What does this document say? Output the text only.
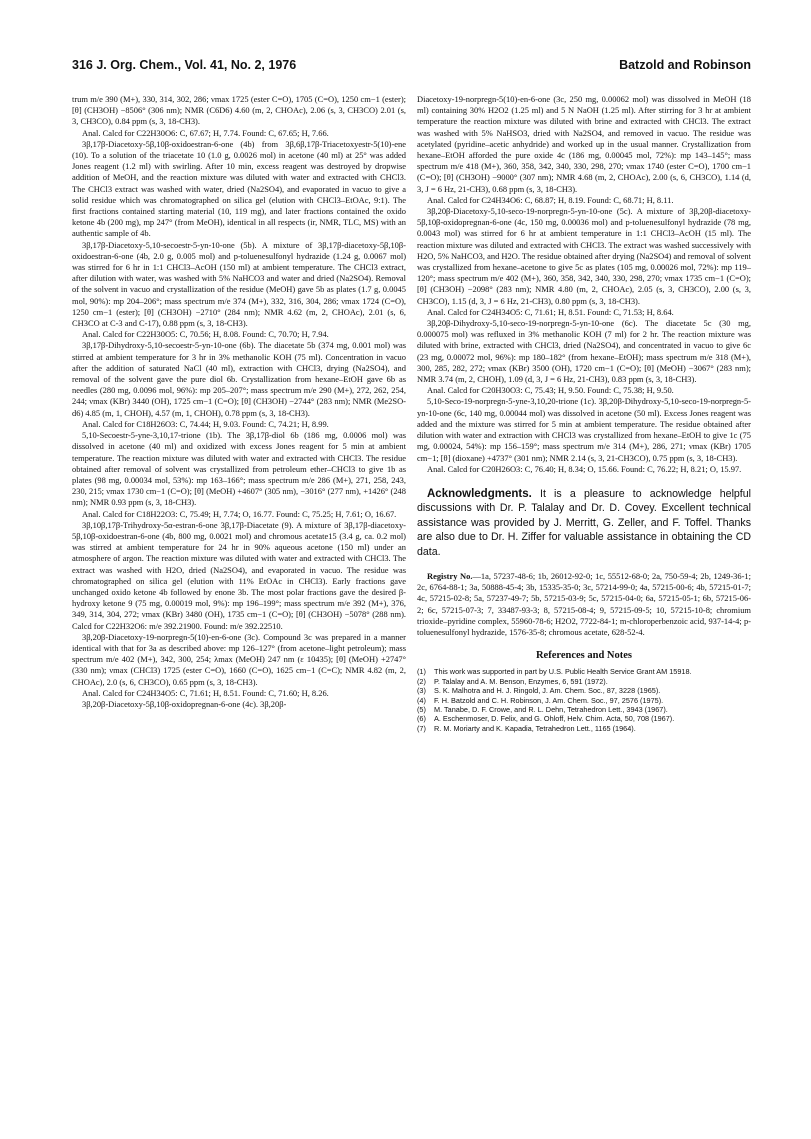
316 J. Org. Chem., Vol. 41, No. 2, 1976	Batzold and Robinson

trum m/e 390 (M+), 330, 314, 302, 286; νmax 1725 (ester C=O), 1705 (C=O), 1250 cm−1 (ester); [θ] (CH3OH) −8506° (306 nm); NMR (C6D6) 4.60 (m, 2, CHOAc), 2.06 (s, 3, CH3CO) 2.01 (s, 3, CH3CO), 0.84 ppm (s, 3, 18-CH3).

Anal. Calcd for C22H30O6: C, 67.67; H, 7.74. Found: C, 67.65; H, 7.66.

3β,17β-Diacetoxy-5β,10β-oxidoestran-6-one (4b) from 3β,6β,17β-Triacetoxyestr-5(10)-ene (10). To a solution of the triacetate 10 (1.0 g, 0.0026 mol) in acetone (40 ml) at 25° was added Jones reagent (1.2 ml) with swirling. After 10 min, excess reagent was destroyed by dropwise addition of MeOH, and the reaction mixture was diluted with water and extracted with CHCl3. The CHCl3 extract was washed with water, dried (Na2SO4), and evaporated in vacuo to give a solid residue which was chromatographed on silica gel (elution with CHCl3–EtOAc, 9:1). The first fractions contained starting material (10, 119 mg), and later fractions contained the oxido ketone 4b (200 mg), mp 247° (from MeOH), identical in all respects (ir, NMR, TLC, MS) with an authentic sample of 4b.

3β,17β-Diacetoxy-5,10-secoestr-5-yn-10-one (5b). A mixture of 3β,17β-diacetoxy-5β,10β-oxidoestran-6-one (4b, 2.0 g, 0.005 mol) and p-toluenesulfonyl hydrazide (1.24 g, 0.0067 mol) was stirred for 6 hr in 1:1 CHCl3–AcOH (150 ml) at ambient temperature. The CHCl3 extract, after dilution with water, was washed with 5% NaHCO3 and water and dried (Na2SO4). Removal of the solvent in vacuo and crystallization of the residue (MeOH) gave 5b as plates (1.7 g, 0.0045 mol, 90%): mp 204–206°; mass spectrum m/e 374 (M+), 332, 316, 304, 286; νmax 1724 (C=O), 1250 cm−1 (ester); [θ] (CH3OH) −2710° (284 nm); NMR 4.62 (m, 2, CHOAc), 2.01 (s, 6, CH3CO at C-3 and C-17), 0.88 ppm (s, 3, 18-CH3).

Anal. Calcd for C22H30O5: C, 70.56; H, 8.08. Found: C, 70.70; H, 7.94.

3β,17β-Dihydroxy-5,10-secoestr-5-yn-10-one (6b). The diacetate 5b (374 mg, 0.001 mol) was stirred at ambient temperature for 3 hr in 3% methanolic KOH (75 ml). Concentration in vacuo after the addition of saturated NaCl (40 ml), extraction with CHCl3, drying (Na2SO4), and removal of the solvent gave the pure diol 6b. Crystallization from hexane–EtOH gave 6b as needles (280 mg, 0.0096 mol, 96%): mp 205–207°; mass spectrum m/e 290 (M+), 272, 262, 254, 244; νmax (KBr) 3440 (OH), 1725 cm−1 (C=O); [θ] (CH3OH) −2744° (283 nm); NMR (Me2SO-d6) 4.85 (m, 1, CHOH), 4.57 (m, 1, CHOH), 0.78 ppm (s, 3, 18-CH3).

Anal. Calcd for C18H26O3: C, 74.44; H, 9.03. Found: C, 74.21; H, 8.99.

5,10-Secoestr-5-yne-3,10,17-trione (1b). The 3β,17β-diol 6b (186 mg, 0.0006 mol) was dissolved in acetone (40 ml) and oxidized with excess Jones reagent for 5 min at ambient temperature. The reaction mixture was diluted with water and extracted with CHCl3. The residue obtained after removal of solvent was crystallized from petroleum ether–CHCl3 to give 1b as plates (98 mg, 0.00034 mol, 53%): mp 163–166°; mass spectrum m/e 286 (M+), 271, 258, 243, 230, 215; νmax 1730 cm−1 (C=O); [θ] (MeOH) +4607° (305 nm), −3016° (277 nm), +1426° (248 nm); NMR 0.93 ppm (s, 3, 18-CH3).

Anal. Calcd for C18H22O3: C, 75.49; H, 7.74; O, 16.77. Found: C, 75.25; H, 7.61; O, 16.67.

3β,10β,17β-Trihydroxy-5α-estran-6-one 3β,17β-Diacetate (9). A mixture of 3β,17β-diacetoxy-5β,10β-oxidoestran-6-one (4b, 800 mg, 0.0021 mol) and chromous acetate15 (3.4 g, ca. 0.2 mol) was stirred at ambient temperature for 24 hr in 90% aqueous acetone (150 ml) under an atmosphere of argon. The reaction mixture was diluted with water and extracted with CHCl3. The extract was washed with H2O, dried (Na2SO4), and evaporated in vacuo. The residue was chromatographed on silica gel (elution with 11% EtOAc in CHCl3). Early fractions gave unchanged oxido ketone 4b followed by enone 3b. The most polar fractions gave the desired β-hydroxy ketone 9 (75 mg, 0.00019 mol, 9%): mp 196–199°; mass spectrum m/e 392 (M+), 376, 349, 314, 304, 272; νmax (KBr) 3480 (OH), 1735 cm−1 (C=O); [θ] (CH3OH) −5078° (288 nm). Calcd for C22H32O6: m/e 392.21900. Found: m/e 392.22510.

3β,20β-Diacetoxy-19-norpregn-5(10)-en-6-one (3c). Compound 3c was prepared in a manner identical with that for 3a as described above: mp 126–127° (from acetone–light petroleum); mass spectrum m/e 402 (M+), 342, 300, 254; λmax (MeOH) 247 nm (ε 10435); [θ] (MeOH) +2747° (330 nm); νmax (CHCl3) 1725 (ester C=O), 1660 (C=O), 1625 cm−1 (C=C); NMR 4.82 (m, 2, CHOAc), 2.0 (s, 6, CH3CO), 0.65 ppm (s, 3, 18-CH3).

Anal. Calcd for C24H34O5: C, 71.61; H, 8.51. Found: C, 71.60; H, 8.26.

3β,20β-Diacetoxy-5β,10β-oxidopregnan-6-one (4c). 3β,20β-

Diacetoxy-19-norpregn-5(10)-en-6-one (3c, 250 mg, 0.00062 mol) was dissolved in MeOH (18 ml) containing 30% H2O2 (1.25 ml) and 5 N NaOH (1.25 ml). After stirring for 3 hr at ambient temperature the reaction mixture was diluted with brine and extracted with CHCl3. The extract was washed with 5% NaHSO3, dried with Na2SO4, and removed in vacuo. The residue was acetylated (pyridine–acetic anhydride) and worked up in the usual manner. Crystallization from hexane–EtOH afforded the pure oxide 4c (186 mg, 0.00045 mol, 72%): mp 143–145°; mass spectrum m/e 418 (M+), 360, 358, 342, 340, 330, 298, 270; νmax 1740 (ester C=O), 1700 cm−1 (C=O); [θ] (CH3OH) −9000° (307 nm); NMR 4.68 (m, 2, CHOAc), 2.00 (s, 6, CH3CO), 1.14 (d, 3, J = 6 Hz, 21-CH3), 0.68 ppm (s, 3, 18-CH3).

Anal. Calcd for C24H34O6: C, 68.87; H, 8.19. Found: C, 68.71; H, 8.11.

3β,20β-Diacetoxy-5,10-seco-19-norpregn-5-yn-10-one (5c). A mixture of 3β,20β-diacetoxy-5β,10β-oxidopregnan-6-one (4c, 150 mg, 0.00036 mol) and p-toluenesulfonyl hydrazide (78 mg, 0.0043 mol) was stirred for 6 hr at ambient temperature in 1:1 CHCl3–AcOH (15 ml). The reaction mixture was diluted and extracted with CHCl3. The extract was washed successively with H2O, 5% NaHCO3, and H2O. The residue obtained after drying (Na2SO4) and removal of solvent was crystallized from hexane–acetone to give 5c as plates (105 mg, 0.00026 mol, 72%): mp 119–120°; mass spectrum m/e 402 (M+), 360, 358, 342, 340, 330, 298, 270; νmax 1735 cm−1 (C=O); [θ] (CH3OH) −2098° (283 nm); NMR 4.80 (m, 2, CHOAc), 2.05 (s, 3, CH3CO), 2.00 (s, 3, CH3CO), 1.15 (d, 3, J = 6 Hz, 21-CH3), 0.80 ppm (s, 3, 18-CH3).

Anal. Calcd for C24H34O5: C, 71.61; H, 8.51. Found: C, 71.53; H, 8.64.

3β,20β-Dihydroxy-5,10-seco-19-norpregn-5-yn-10-one (6c). The diacetate 5c (30 mg, 0.000075 mol) was refluxed in 3% methanolic KOH (7 ml) for 2 hr. The reaction mixture was diluted with brine, extracted with CHCl3, dried (Na2SO4), and concentrated in vacuo to give 6c (23 mg, 0.00072 mol, 96%): mp 180–182° (from hexane–EtOH); mass spectrum m/e 318 (M+), 300, 285, 282, 272; νmax (KBr) 3500 (OH), 1720 cm−1 (C=O); [θ] (MeOH) −3067° (283 nm); NMR 3.74 (m, 2, CHOH), 1.09 (d, 3, J = 6 Hz, 21-CH3), 0.83 ppm (s, 3, 18-CH3).

Anal. Calcd for C20H30O3: C, 75.43; H, 9.50. Found: C, 75.38; H, 9.50.

5,10-Seco-19-norpregn-5-yne-3,10,20-trione (1c). 3β,20β-Dihydroxy-5,10-seco-19-norpregn-5-yn-10-one (6c, 140 mg, 0.00044 mol) was dissolved in acetone (50 ml). Excess Jones reagent was added and the mixture was stirred for 5 min at ambient temperature. The residue obtained after dilution with water and extraction with CHCl3 was crystallized from hexane–EtOH to give 1c (75 mg, 0.00024, 54%): mp 156–159°; mass spectrum m/e 314 (M+), 286, 271; νmax (KBr) 1705 cm−1; [θ] (dioxane) +4737° (301 nm); NMR 2.14 (s, 3, 21-CH3CO), 0.75 ppm (s, 3, 18-CH3).

Anal. Calcd for C20H26O3: C, 76.40; H, 8.34; O, 15.66. Found: C, 76.22; H, 8.21; O, 15.97.

Acknowledgments. It is a pleasure to acknowledge helpful discussions with Dr. P. Talalay and Dr. D. Covey. Excellent technical assistance was provided by J. Merritt, G. Zeller, and F. Toffel. Thanks are also due to Dr. H. Ziffer for valuable assistance in obtaining the CD data.

Registry No.—1a, 57237-48-6; 1b, 26012-92-0; 1c, 55512-68-0; 2a, 750-59-4; 2b, 1249-36-1; 2c, 6764-88-1; 3a, 50888-45-4; 3b, 15335-35-0; 3c, 57214-99-0; 4a, 57215-00-6; 4b, 57215-01-7; 4c, 57215-02-8; 5a, 57237-49-7; 5b, 57215-03-9; 5c, 57215-04-0; 6a, 57215-05-1; 6b, 57215-06-2; 6c, 57215-07-3; 7, 33487-93-3; 8, 57215-08-4; 9, 57215-09-5; 10, 57215-10-8; chromium trioxide–pyridine complex, 55960-78-6; H2O2, 7722-84-1; m-chloroperbenzoic acid, 937-14-4; p-toluenesulfonyl hydrazide, 1576-35-8; chromous acetate, 628-52-4.

References and Notes
(1)	This work was supported in part by U.S. Public Health Service Grant AM 15918.
(2)	P. Talalay and A. M. Benson, Enzymes, 6, 591 (1972).
(3)	S. K. Malhotra and H. J. Ringold, J. Am. Chem. Soc., 87, 3228 (1965).
(4)	F. H. Batzold and C. H. Robinson, J. Am. Chem. Soc., 97, 2576 (1975).
(5)	M. Tanabe, D. F. Crowe, and R. L. Dehn, Tetrahedron Lett., 3943 (1967).
(6)	A. Eschenmoser, D. Felix, and G. Ohloff, Helv. Chim. Acta, 50, 708 (1967).
(7)	R. M. Moriarty and K. Kapadia, Tetrahedron Lett., 1165 (1964).
